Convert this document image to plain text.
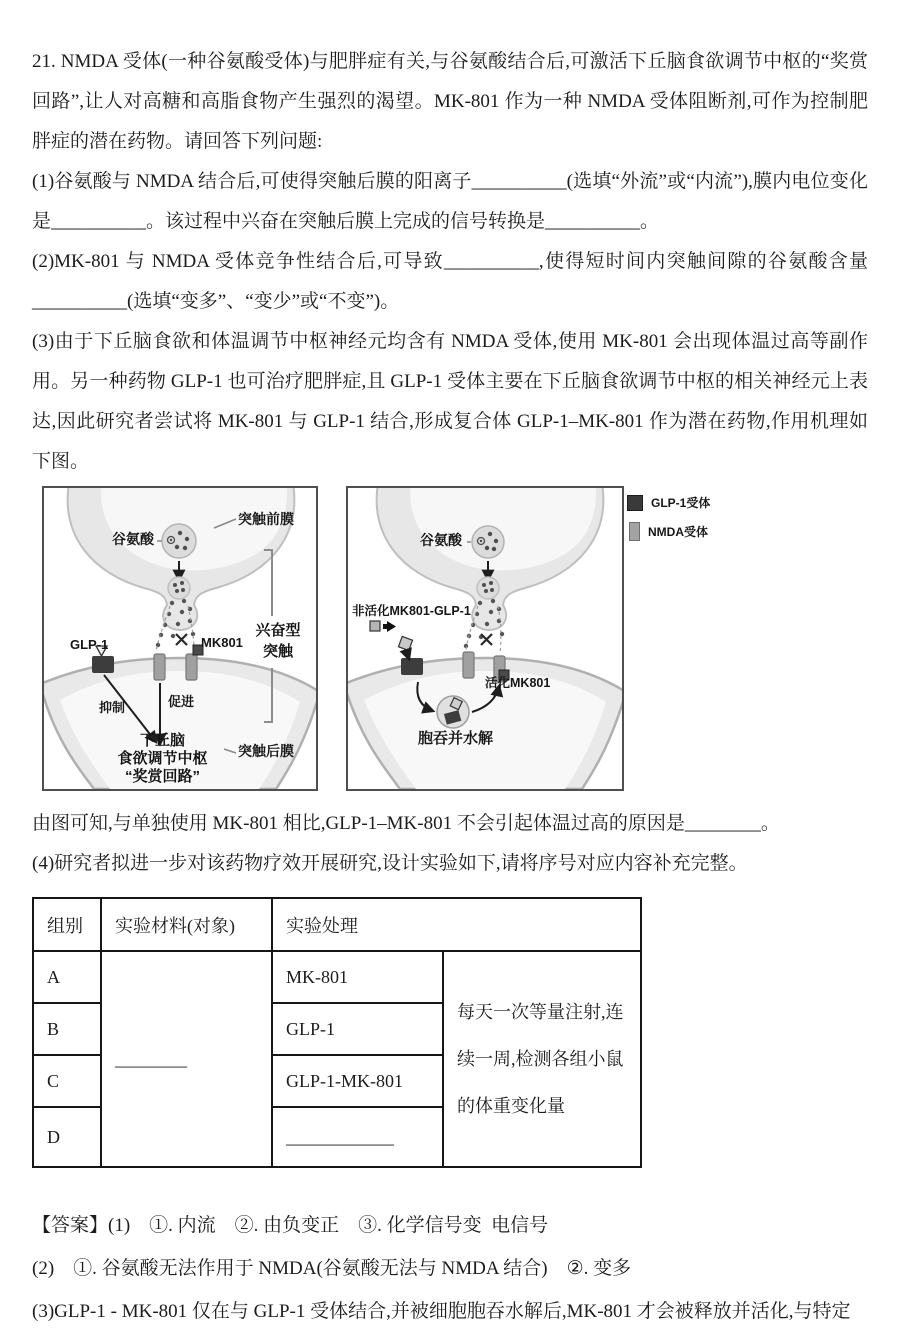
21. NMDA 受体(一种谷氨酸受体)与肥胖症有关,与谷氨酸结合后,可激活下丘脑食欲调节中枢的“奖赏回路”,让人对高糖和高脂食物产生强烈的渴望。MK-801 作为一种 NMDA 受体阻断剂,可作为控制肥胖症的潜在药物。请回答下列问题:

(1)谷氨酸与 NMDA 结合后,可使得突触后膜的阳离子__________(选填“外流”或“内流”),膜内电位变化是__________。该过程中兴奋在突触后膜上完成的信号转换是__________。

(2)MK-801 与 NMDA 受体竞争性结合后,可导致__________,使得短时间内突触间隙的谷氨酸含量__________(选填“变多”、“变少”或“不变”)。

(3)由于下丘脑食欲和体温调节中枢神经元均含有 NMDA 受体,使用 MK-801 会出现体温过高等副作用。另一种药物 GLP-1 也可治疗肥胖症,且 GLP-1 受体主要在下丘脑食欲调节中枢的相关神经元上表达,因此研究者尝试将 MK-801 与 GLP-1 结合,形成复合体 GLP-1–MK-801 作为潜在药物,作用机理如下图。

突触前膜
谷氨酸
GLP-1	MK801
抑制	促进
下丘脑
食欲调节中枢
“奖赏回路”
突触后膜
兴奋型
突触
谷氨酸
非活化MK801-GLP-1
活化MK801
胞吞并水解
GLP-1受体
NMDA受体

由图可知,与单独使用 MK-801 相比,GLP-1–MK-801 不会引起体温过高的原因是________。

(4)研究者拟进一步对该药物疗效开展研究,设计实验如下,请将序号对应内容补充完整。

组别	实验材料(对象)	实验处理	
A	________	MK-801	每天一次等量注射,连续一周,检测各组小鼠的体重变化量
B		GLP-1	
C		GLP-1-MK-801	
D		____________	

【答案】(1)    ①. 内流    ②. 由负变正    ③. 化学信号变  电信号

(2)    ①. 谷氨酸无法作用于 NMDA(谷氨酸无法与 NMDA 结合)    ②. 变多

(3)GLP-1 - MK-801 仅在与 GLP-1 受体结合,并被细胞胞吞水解后,MK-801 才会被释放并活化,与特定
